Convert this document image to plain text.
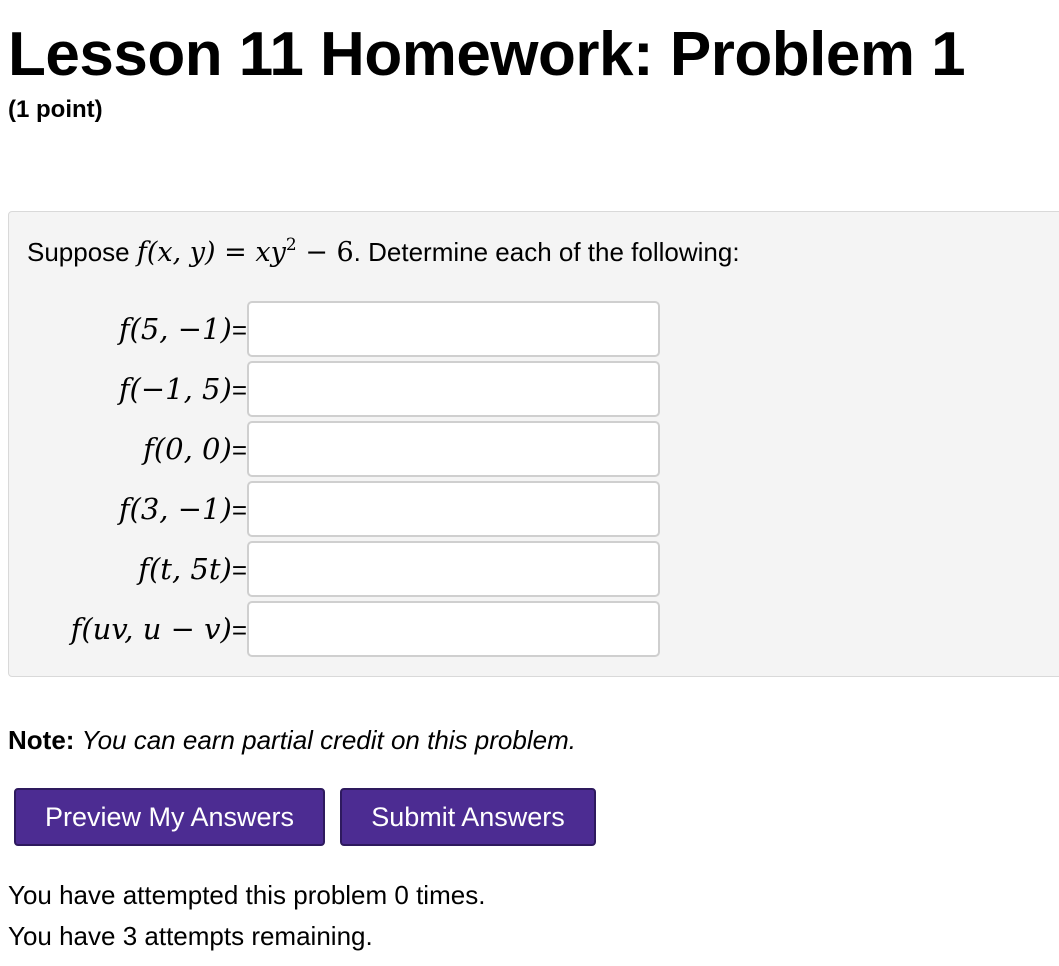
Lesson 11 Homework: Problem 1
(1 point)
Suppose f(x, $y) = xy^2 - 6$. Determine each of the following:
f(5, −1)=
f(−1, 5)=
f(0, 0)=
f(3, −1)=
f(t, 5t)=
f(uv, u − v)=
Note: You can earn partial credit on this problem.
Preview My Answers	Submit Answers
You have attempted this problem 0 times.
You have 3 attempts remaining.
